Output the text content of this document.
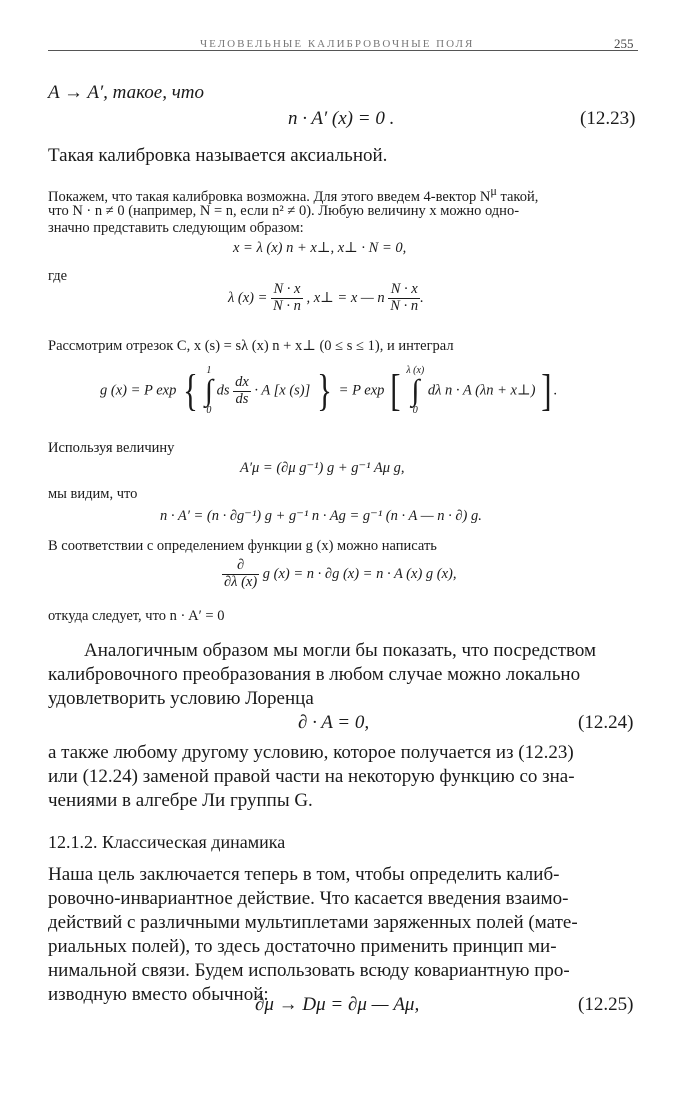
ЧЕЛОВЕЛЬНЫЕ КАЛИБРОВОЧНЫЕ ПОЛЯ	255
A → A′, такое, что
n · A′ (x) = 0 .	(12.23)
Такая калибровка называется аксиальной.
Покажем, что такая калибровка возможна. Для этого введем 4-вектор $N^\mu$ такой,
что N · n ≠ 0 (например, N = n, если n² ≠ 0). Любую величину x можно одно-
значно представить следующим образом:
x = λ (x) n + x⊥, x⊥ · N = 0,
где
λ $(x) = \frac{N \cdot x}{N \cdot n}$ , x⊥ = x — n $\frac{N \cdot x}{N \cdot n}$ .
Рассмотрим отрезок C, x (s) = sλ (x) n + x⊥ (0 ≤ s ≤ 1), и интеграл
g (x) = P exp { 1
∫
0
ds $\frac{dx}{ds} \cdot A$ [x (s)] } = P exp [ λ (x)
∫
0
dλ n · A (λn + x⊥) ] .
Используя величину
A′μ = (∂μ g⁻¹) g + g⁻¹ Aμ g,
мы видим, что
n · A′ = (n · ∂g⁻¹) g + g⁻¹ n · Ag = g⁻¹ (n · A — n · ∂) g.
В соответствии с определением функции g (x) можно написать
$\frac{\partial}{\partial\lambda (x)}$ g (x) = n · ∂g (x) = n · A (x) g (x),
откуда следует, что n · A′ = 0
Аналогичным образом мы могли бы показать, что посредством
калибровочного преобразования в любом случае можно локально
удовлетворить условию Лоренца
∂ · A = 0,	(12.24)
а также любому другому условию, которое получается из (12.23)
или (12.24) заменой правой части на некоторую функцию со зна-
чениями в алгебре Ли группы G.
12.1.2. Классическая динамика
Наша цель заключается теперь в том, чтобы определить калиб-
ровочно-инвариантное действие. Что касается введения взаимо-
действий с различными мультиплетами заряженных полей (мате-
риальных полей), то здесь достаточно применить принцип ми-
нимальной связи. Будем использовать всюду ковариантную про-
изводную вместо обычной:
∂μ → Dμ = ∂μ — Aμ,	(12.25)
